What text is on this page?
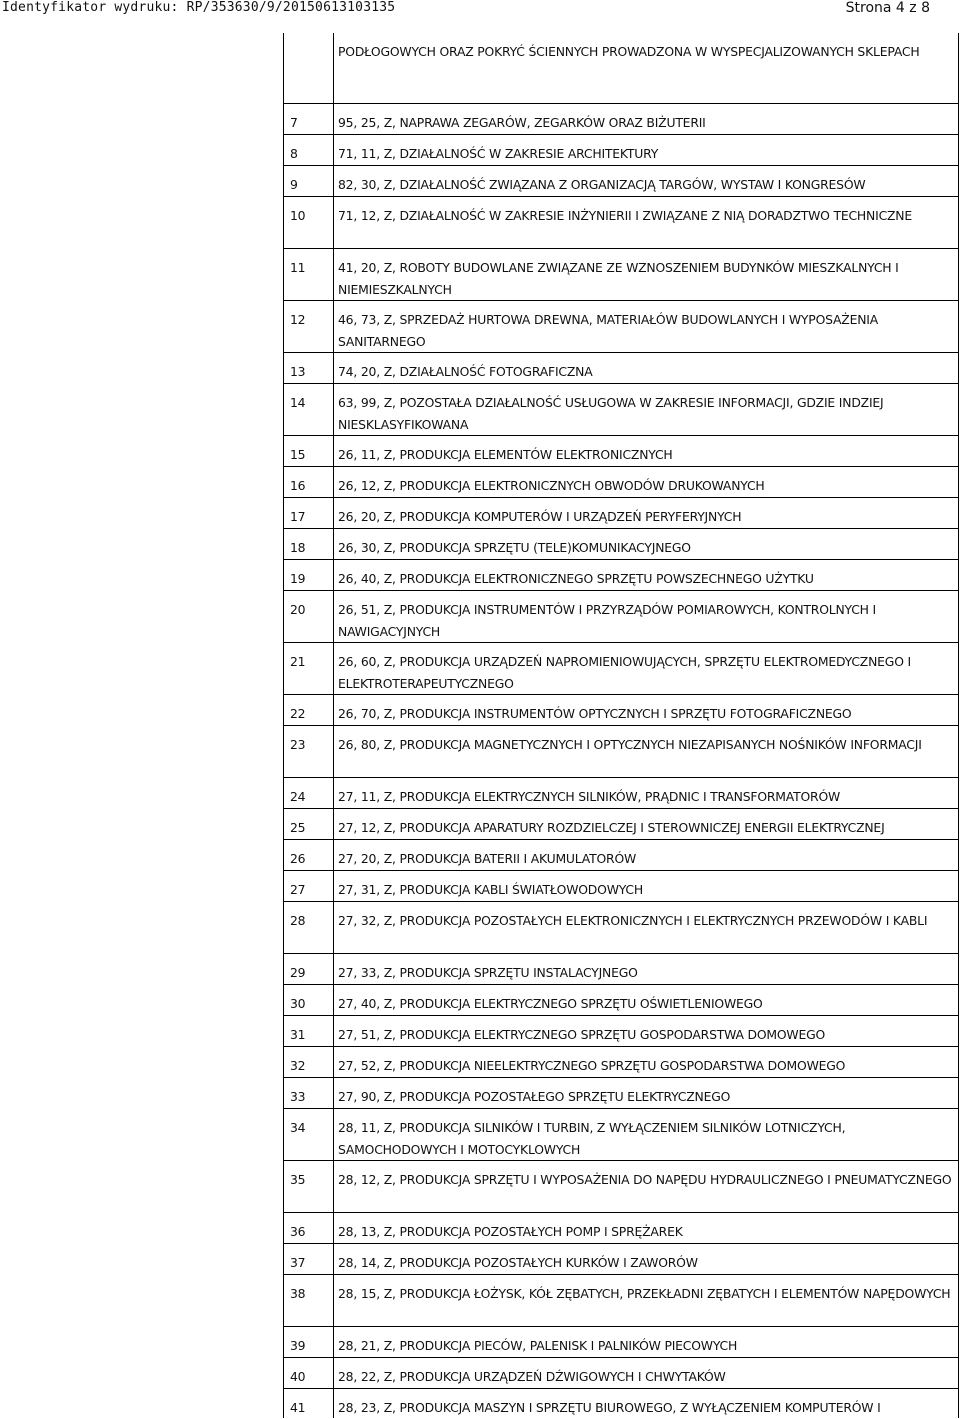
Identyfikator wydruku: RP/353630/9/20150613103135	Strona 4 z 8
PODŁOGOWYCH ORAZ POKRYĆ ŚCIENNYCH PROWADZONA W WYSPECJALIZOWANYCH SKLEPACH
7	95, 25, Z, NAPRAWA ZEGARÓW, ZEGARKÓW ORAZ BIŻUTERII
8	71, 11, Z, DZIAŁALNOŚĆ W ZAKRESIE ARCHITEKTURY
9	82, 30, Z, DZIAŁALNOŚĆ ZWIĄZANA Z ORGANIZACJĄ TARGÓW, WYSTAW I KONGRESÓW
10	71, 12, Z, DZIAŁALNOŚĆ W ZAKRESIE INŻYNIERII I ZWIĄZANE Z NIĄ DORADZTWO TECHNICZNE
11	41, 20, Z, ROBOTY BUDOWLANE ZWIĄZANE ZE WZNOSZENIEM BUDYNKÓW MIESZKALNYCH I NIEMIESZKALNYCH
12	46, 73, Z, SPRZEDAŻ HURTOWA DREWNA, MATERIAŁÓW BUDOWLANYCH I WYPOSAŻENIA SANITARNEGO
13	74, 20, Z, DZIAŁALNOŚĆ FOTOGRAFICZNA
14	63, 99, Z, POZOSTAŁA DZIAŁALNOŚĆ USŁUGOWA W ZAKRESIE INFORMACJI, GDZIE INDZIEJ NIESKLASYFIKOWANA
15	26, 11, Z, PRODUKCJA ELEMENTÓW ELEKTRONICZNYCH
16	26, 12, Z, PRODUKCJA ELEKTRONICZNYCH OBWODÓW DRUKOWANYCH
17	26, 20, Z, PRODUKCJA KOMPUTERÓW I URZĄDZEŃ PERYFERYJNYCH
18	26, 30, Z, PRODUKCJA SPRZĘTU (TELE)KOMUNIKACYJNEGO
19	26, 40, Z, PRODUKCJA ELEKTRONICZNEGO SPRZĘTU POWSZECHNEGO UŻYTKU
20	26, 51, Z, PRODUKCJA INSTRUMENTÓW I PRZYRZĄDÓW POMIAROWYCH, KONTROLNYCH I NAWIGACYJNYCH
21	26, 60, Z, PRODUKCJA URZĄDZEŃ NAPROMIENIOWUJĄCYCH, SPRZĘTU ELEKTROMEDYCZNEGO I ELEKTROTERAPEUTYCZNEGO
22	26, 70, Z, PRODUKCJA INSTRUMENTÓW OPTYCZNYCH I SPRZĘTU FOTOGRAFICZNEGO
23	26, 80, Z, PRODUKCJA MAGNETYCZNYCH I OPTYCZNYCH NIEZAPISANYCH NOŚNIKÓW INFORMACJI
24	27, 11, Z, PRODUKCJA ELEKTRYCZNYCH SILNIKÓW, PRĄDNIC I TRANSFORMATORÓW
25	27, 12, Z, PRODUKCJA APARATURY ROZDZIELCZEJ I STEROWNICZEJ ENERGII ELEKTRYCZNEJ
26	27, 20, Z, PRODUKCJA BATERII I AKUMULATORÓW
27	27, 31, Z, PRODUKCJA KABLI ŚWIATŁOWODOWYCH
28	27, 32, Z, PRODUKCJA POZOSTAŁYCH ELEKTRONICZNYCH I ELEKTRYCZNYCH PRZEWODÓW I KABLI
29	27, 33, Z, PRODUKCJA SPRZĘTU INSTALACYJNEGO
30	27, 40, Z, PRODUKCJA ELEKTRYCZNEGO SPRZĘTU OŚWIETLENIOWEGO
31	27, 51, Z, PRODUKCJA ELEKTRYCZNEGO SPRZĘTU GOSPODARSTWA DOMOWEGO
32	27, 52, Z, PRODUKCJA NIEELEKTRYCZNEGO SPRZĘTU GOSPODARSTWA DOMOWEGO
33	27, 90, Z, PRODUKCJA POZOSTAŁEGO SPRZĘTU ELEKTRYCZNEGO
34	28, 11, Z, PRODUKCJA SILNIKÓW I TURBIN, Z WYŁĄCZENIEM SILNIKÓW LOTNICZYCH, SAMOCHODOWYCH I MOTOCYKLOWYCH
35	28, 12, Z, PRODUKCJA SPRZĘTU I WYPOSAŻENIA DO NAPĘDU HYDRAULICZNEGO I PNEUMATYCZNEGO
36	28, 13, Z, PRODUKCJA POZOSTAŁYCH POMP I SPRĘŻAREK
37	28, 14, Z, PRODUKCJA POZOSTAŁYCH KURKÓW I ZAWORÓW
38	28, 15, Z, PRODUKCJA ŁOŻYSK, KÓŁ ZĘBATYCH, PRZEKŁADNI ZĘBATYCH I ELEMENTÓW NAPĘDOWYCH
39	28, 21, Z, PRODUKCJA PIECÓW, PALENISK I PALNIKÓW PIECOWYCH
40	28, 22, Z, PRODUKCJA URZĄDZEŃ DŹWIGOWYCH I CHWYTAKÓW
41	28, 23, Z, PRODUKCJA MASZYN I SPRZĘTU BIUROWEGO, Z WYŁĄCZENIEM KOMPUTERÓW I
